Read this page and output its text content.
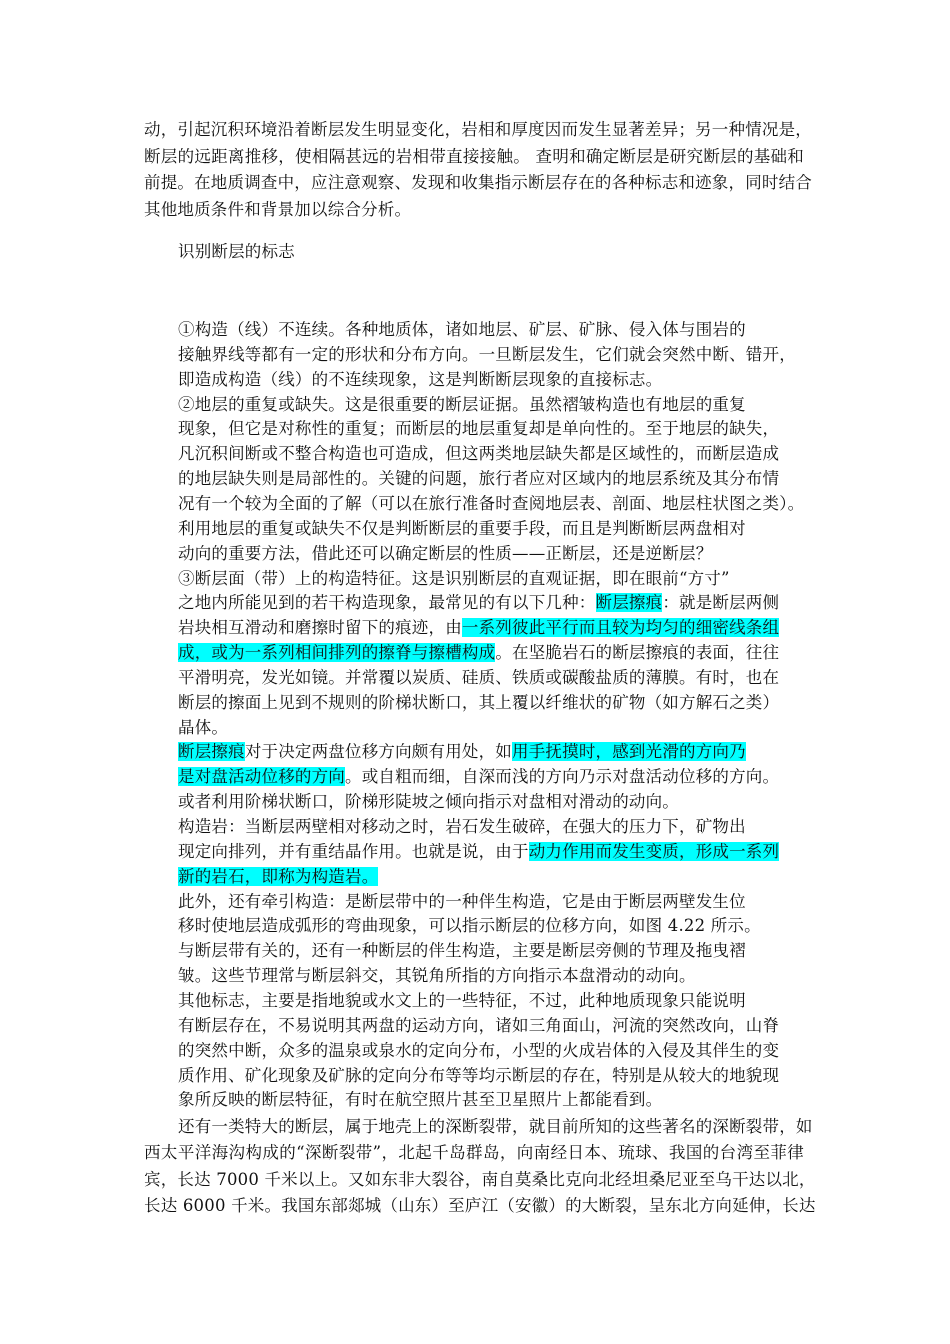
动，引起沉积环境沿着断层发生明显变化，岩相和厚度因而发生显著差异；另一种情况是，
断层的远距离推移，使相隔甚远的岩相带直接接触。 查明和确定断层是研究断层的基础和
前提。在地质调查中，应注意观察、发现和收集指示断层存在的各种标志和迹象，同时结合
其他地质条件和背景加以综合分析。
识别断层的标志
①构造（线）不连续。各种地质体，诸如地层、矿层、矿脉、侵入体与围岩的
接触界线等都有一定的形状和分布方向。一旦断层发生，它们就会突然中断、错开，
即造成构造（线）的不连续现象，这是判断断层现象的直接标志。
②地层的重复或缺失。这是很重要的断层证据。虽然褶皱构造也有地层的重复
现象，但它是对称性的重复；而断层的地层重复却是单向性的。至于地层的缺失，
凡沉积间断或不整合构造也可造成，但这两类地层缺失都是区域性的，而断层造成
的地层缺失则是局部性的。关键的问题，旅行者应对区域内的地层系统及其分布情
况有一个较为全面的了解（可以在旅行准备时查阅地层表、剖面、地层柱状图之类）。
利用地层的重复或缺失不仅是判断断层的重要手段，而且是判断断层两盘相对
动向的重要方法，借此还可以确定断层的性质——正断层，还是逆断层？
③断层面（带）上的构造特征。这是识别断层的直观证据，即在眼前“方寸”
之地内所能见到的若干构造现象，最常见的有以下几种：断层擦痕：就是断层两侧
岩块相互滑动和磨擦时留下的痕迹，由一系列彼此平行而且较为均匀的细密线条组
成，或为一系列相间排列的擦脊与擦槽构成。在坚脆岩石的断层擦痕的表面，往往
平滑明亮，发光如镜。并常覆以炭质、硅质、铁质或碳酸盐质的薄膜。有时，也在
断层的擦面上见到不规则的阶梯状断口，其上覆以纤维状的矿物（如方解石之类）
晶体。
断层擦痕对于决定两盘位移方向颇有用处，如用手抚摸时，感到光滑的方向乃
是对盘活动位移的方向。或自粗而细，自深而浅的方向乃示对盘活动位移的方向。
或者利用阶梯状断口，阶梯形陡坡之倾向指示对盘相对滑动的动向。
构造岩：当断层两壁相对移动之时，岩石发生破碎，在强大的压力下，矿物出
现定向排列，并有重结晶作用。也就是说，由于动力作用而发生变质，形成一系列
新的岩石，即称为构造岩。
此外，还有牵引构造：是断层带中的一种伴生构造，它是由于断层两壁发生位
移时使地层造成弧形的弯曲现象，可以指示断层的位移方向，如图 4.22 所示。
与断层带有关的，还有一种断层的伴生构造，主要是断层旁侧的节理及拖曳褶
皱。这些节理常与断层斜交，其锐角所指的方向指示本盘滑动的动向。
其他标志，主要是指地貌或水文上的一些特征，不过，此种地质现象只能说明
有断层存在，不易说明其两盘的运动方向，诸如三角面山，河流的突然改向，山脊
的突然中断，众多的温泉或泉水的定向分布，小型的火成岩体的入侵及其伴生的变
质作用、矿化现象及矿脉的定向分布等等均示断层的存在，特别是从较大的地貌现
象所反映的断层特征，有时在航空照片甚至卫星照片上都能看到。
还有一类特大的断层，属于地壳上的深断裂带，就目前所知的这些著名的深断裂带，如
西太平洋海沟构成的“深断裂带”，北起千岛群岛，向南经日本、琉球、我国的台湾至菲律
宾，长达 7000 千米以上。又如东非大裂谷，南自莫桑比克向北经坦桑尼亚至乌干达以北，
长达 6000 千米。我国东部郯城（山东）至庐江（安徽）的大断裂，呈东北方向延伸，长达
